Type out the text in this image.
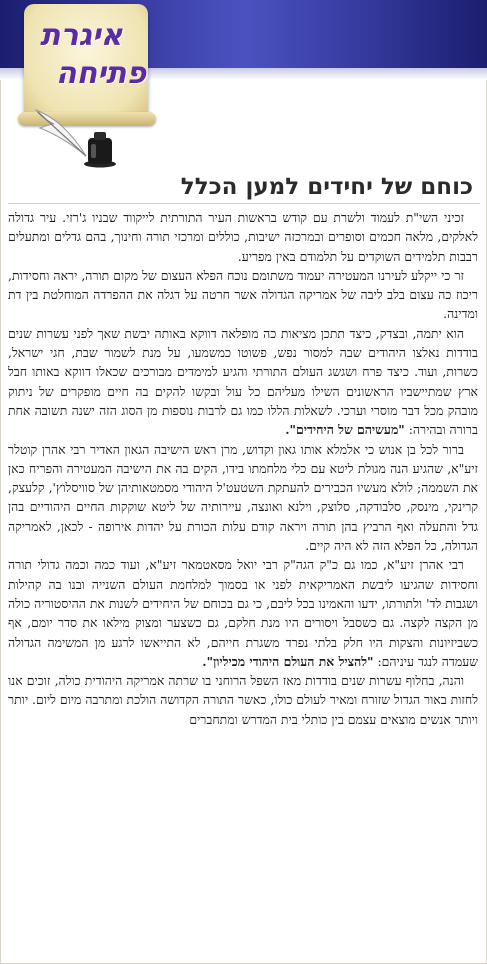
איגרת
פתיחה
כוחם של יחידים למען הכלל

זכיני השי"ת לעמוד ולשרת עם קודש בראשות העיר התורתית לייקווד שבניו ג'רזי. עיר גדולה לאלקים, מלאה חכמים וסופרים ובמרכזה ישיבות, כוללים ומרכזי תורה וחינוך, בהם גדלים ומתעלים רבבות תלמידים השוקדים על תלמודם באין מפריע.

זר כי ייקלע לעירנו המעטירה יעמוד משתומם נוכח הפלא העצום של מקום תורה, יראה וחסידות, ריכוז כה עצום בלב ליבה של אמריקה הגדולה אשר חרטה על דגלה את ההפרדה המוחלטת בין דת ומדינה.

הוא יתמה, ובצדק, כיצד תתכן מציאות כה מופלאה דווקא באותה יבשת שאך לפני עשרות שנים בודדות נאלצו היהודים שבה למסור נפש, פשוטו כמשמעו, על מנת לשמור שבת, חגי ישראל, כשרות, ועוד. כיצד פרח ושגשג העולם התורתי והגיע למימדים מבורכים שכאלו דווקא באותו חבל ארץ שמתיישביו הראשונים השילו מעליהם כל עול ובקשו להקים בה חיים מופקרים של ניתוק מובהק מכל דבר מוסרי וערכי. לשאלות הללו כמו גם לרבות נוספות מן הסוג הזה ישנה תשובה אחת ברורה ובהירה: "מעשיהם של היחידים".

ברור לכל בן אנוש כי אלמלא אותו גאון וקדוש, מרן ראש הישיבה הגאון האדיר רבי אהרן קוטלר זיע"א, שהגיע הנה מגולת ליטא עם כלי מלחמתו בידו, הקים בה את הישיבה המעטירה והפריח כאן את השממה; לולא מעשיו הכבירים להעתקת השטעט'ל היהודי מסמטאותיהן של סוויסלוץ', קלעצק, קרינקי, מינסק, סלבודקה, סלוצק, וילנא ואונצה, עיירותיה של ליטא שוקקות החיים היהודיים בהן גדל והתעלה ואף הרביץ בהן תורה ויראה קודם עלות הכורת על יהדות אירופה - לכאן, לאמריקה הגדולה, כל הפלא הזה לא היה קיים.

רבי אהרן זיע"א, כמו גם כ"ק הגה"ק רבי יואל מסאטמאר זיע"א, ועוד כמה וכמה גדולי תורה וחסידות שהגיעו ליבשת האמריקאית לפני או בסמוך למלחמת העולם השנייה ובנו בה קהילות ושגבות לד' ולתורתו, ידעו והאמינו בכל ליבם, כי גם בכוחם של היחידים לשנות את ההיסטוריה כולה מן הקצה לקצה. גם כשסבל ויסורים היו מנת חלקם, גם כשצער ומצוק מילאו את סדר יומם, אף כשביזיונות והצקות היו חלק בלתי נפרד משגרת חייהם, לא התייאשו לרגע מן המשימה הגדולה שעמדה לנגד עיניהם: "להציל את העולם היהודי מכיליון".

והנה, בחלוף עשרות שנים בודדות מאז השפל הרוחני בו שרתה אמריקה היהודית כולה, זוכים אנו לחזות באור הגדול שזורח ומאיר לעולם כולו, כאשר התורה הקדושה הולכת ומתרבה מיום ליום. יותר ויותר אנשים מוצאים עצמם בין כותלי בית המדרש ומתחברים
